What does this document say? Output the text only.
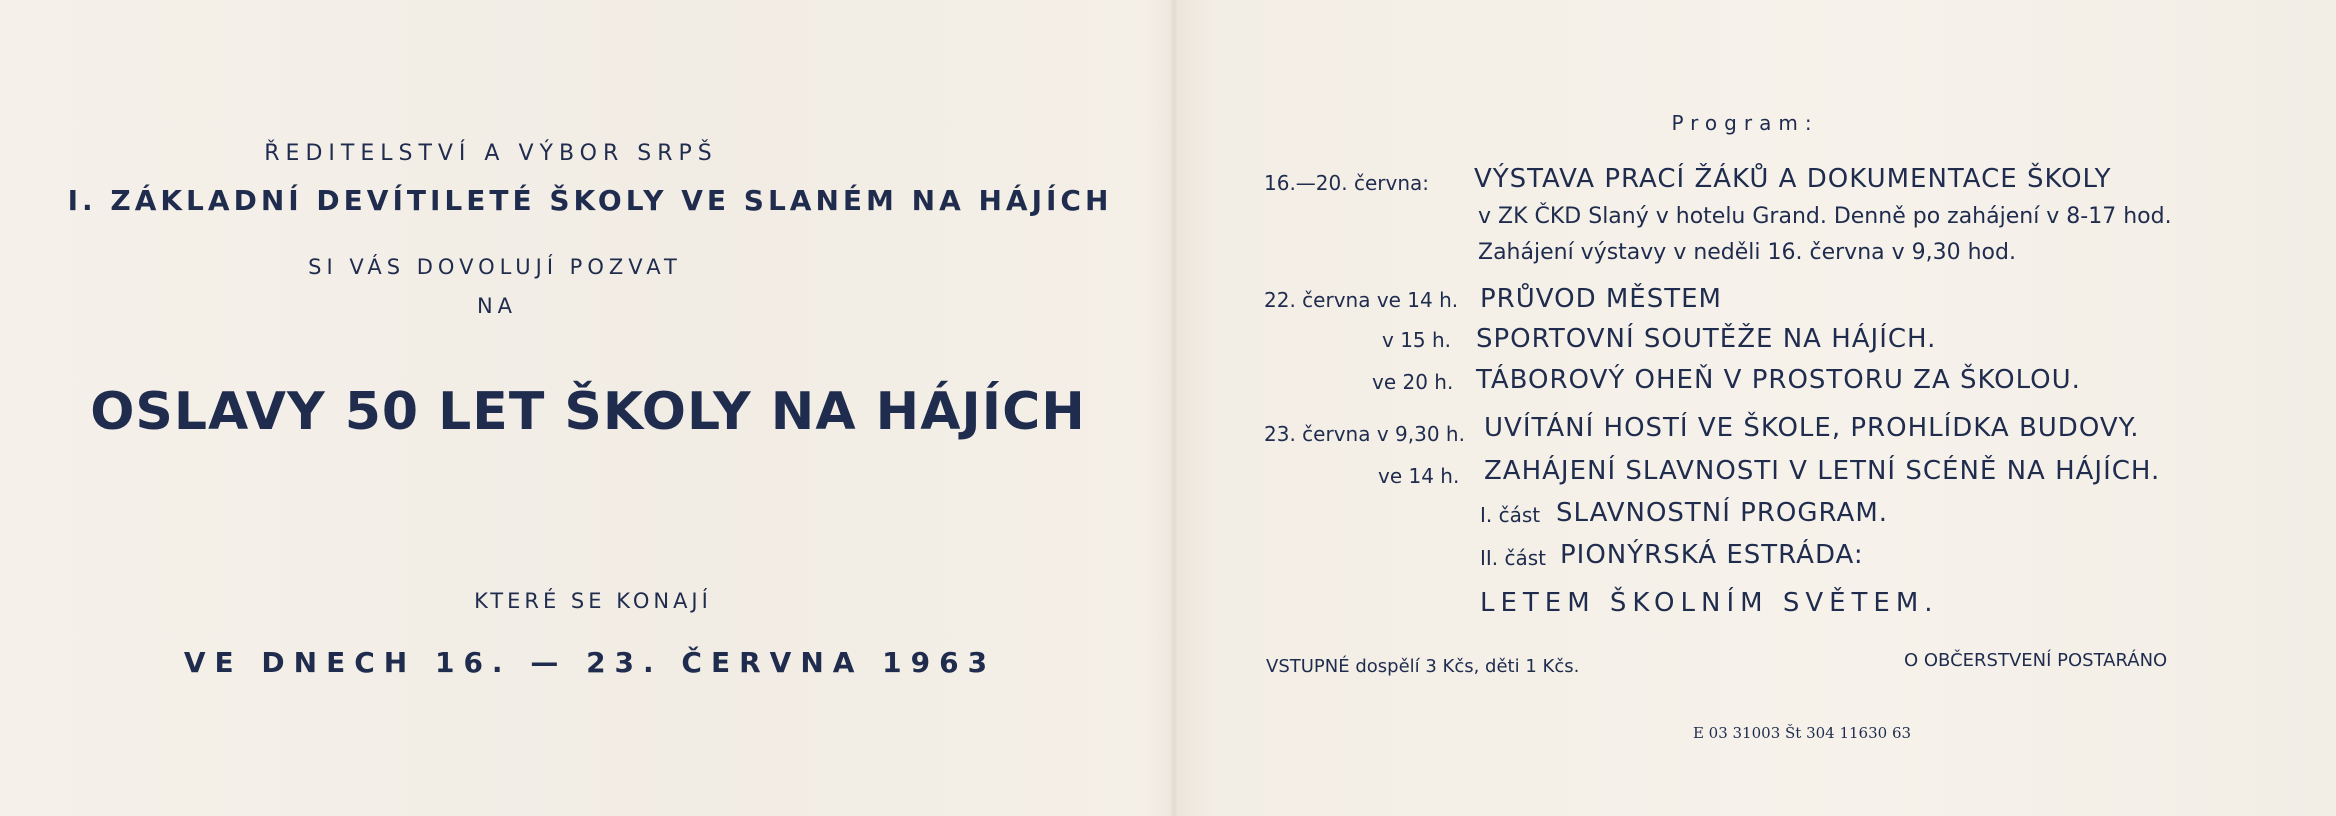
ŘEDITELSTVÍ A VÝBOR SRPŠ
I. ZÁKLADNÍ DEVÍTILETÉ ŠKOLY VE SLANÉM NA HÁJÍCH
SI VÁS DOVOLUJÍ POZVAT
NA
OSLAVY 50 LET ŠKOLY NA HÁJÍCH
KTERÉ SE KONAJÍ
VE DNECH 16. — 23. ČERVNA 1963
Program:
16.—20. června: VÝSTAVA PRACÍ ŽÁKŮ A DOKUMENTACE ŠKOLY
v ZK ČKD Slaný v hotelu Grand. Denně po zahájení v 8-17 hod.
Zahájení výstavy v neděli 16. června v 9,30 hod.
22. června ve 14 h. PRŮVOD MĚSTEM
v 15 h. SPORTOVNÍ SOUTĚŽE NA HÁJÍCH.
ve 20 h. TÁBOROVÝ OHEŇ V PROSTORU ZA ŠKOLOU.
23. června v 9,30 h. UVÍTÁNÍ HOSTÍ VE ŠKOLE, PROHLÍDKA BUDOVY.
ve 14 h. ZAHÁJENÍ SLAVNOSTI V LETNÍ SCÉNĚ NA HÁJÍCH.
I. část SLAVNOSTNÍ PROGRAM.
II. část PIONÝRSKÁ ESTRÁDA:
LETEM ŠKOLNÍM SVĚTEM.
VSTUPNÉ dospělí 3 Kčs, děti 1 Kčs.	O OBČERSTVENÍ POSTARÁNO
E 03 31003 Št 304 11630 63
